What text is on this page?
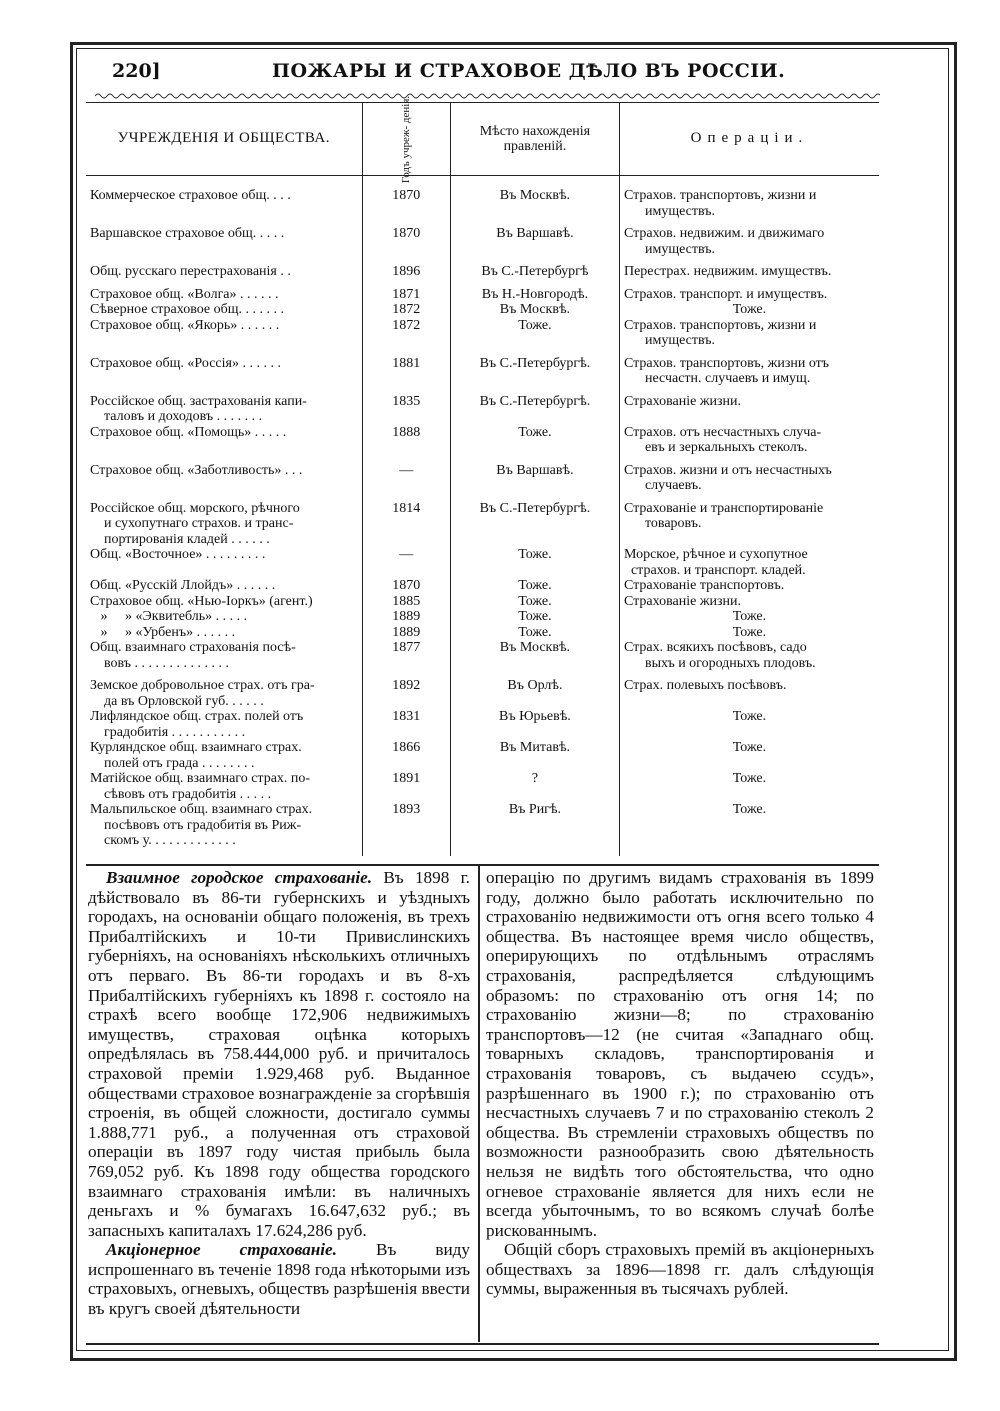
220]	ПОЖАРЫ И СТРАХОВОЕ ДѢЛО ВЪ РОССІИ.
УЧРЕЖДЕНІЯ И ОБЩЕСТВА.	Годъ учреж- денія.	Мѣсто нахожденія правленій.	Операціи.

Коммерческое страховое общ. . . .	1870	Въ Москвѣ.	Страхов. транспортовъ, жизни и
имуществъ.

Варшавское страховое общ. . . . .	1870	Въ Варшавѣ.	Страхов. недвижим. и движимаго
имуществъ.

Общ. русскаго перестрахованія . .	1896	Въ С.-Петербургѣ	Перестрах. недвижим. имуществъ.

Страховое общ. «Волга» . . . . . .	1871	Въ Н.-Новгородѣ.	Страхов. транспорт. и имуществъ.
Сѣверное страховое общ. . . . . . .	1872	Въ Москвѣ.	Тоже.
Страховое общ. «Якорь» . . . . . .	1872	Тоже.	Страхов. транспортовъ, жизни и
имуществъ.

Страховое общ. «Россія» . . . . . .	1881	Въ С.-Петербургѣ.	Страхов. транспортовъ, жизни отъ
несчастн. случаевъ и имущ.

Россійское общ. застрахованія капи-
таловъ и доходовъ . . . . . . .	1835	Въ С.-Петербургѣ.	Страхованіе жизни.
Страховое общ. «Помощь» . . . . .	1888	Тоже.	Страхов. отъ несчастныхъ случа-
евъ и зеркальныхъ стеколъ.

Страховое общ. «Заботливость» . . .	—	Въ Варшавѣ.	Страхов. жизни и отъ несчастныхъ
случаевъ.

Россійское общ. морского, рѣчного
и сухопутнаго страхов. и транс-
портированія кладей . . . . . .	1814	Въ С.-Петербургѣ.	Страхованіе и транспортированіе
товаровъ.
Общ. «Восточное» . . . . . . . . .	—	Тоже.	Морское, рѣчное и сухопутное
страхов. и транспорт. кладей.
Общ. «Русскій Ллойдъ» . . . . . .	1870	Тоже.	Страхованіе транспортовъ.
Страховое общ. «Нью-Іоркъ» (агент.)	1885	Тоже.	Страхованіе жизни.
»     » «Эквитебль» . . . . .	1889	Тоже.	Тоже.
»     » «Урбенъ» . . . . . .	1889	Тоже.	Тоже.
Общ. взаимнаго страхованія посѣ-
вовъ . . . . . . . . . . . . . .	1877	Въ Москвѣ.	Страх. всякихъ посѣвовъ, садо
выхъ и огородныхъ плодовъ.

Земское добровольное страх. отъ гра-
да въ Орловской губ. . . . . .	1892	Въ Орлѣ.	Страх. полевыхъ посѣвовъ.
Лифляндское общ. страх. полей отъ
градобитія . . . . . . . . . . .	1831	Въ Юрьевѣ.	Тоже.
Курляндское общ. взаимнаго страх.
полей отъ града . . . . . . . .	1866	Въ Митавѣ.	Тоже.
Матійское общ. взаимнаго страх. по-
сѣвовъ отъ градобитія . . . . .	1891	?	Тоже.
Мальпильское общ. взаимнаго страх.
посѣвовъ отъ градобитія въ Риж-
скомъ у. . . . . . . . . . . . .	1893	Въ Ригѣ.	Тоже.

Взаимное городское страхованіе. Въ 1898 г. дѣйствовало въ 86-ти губернскихъ и уѣздныхъ городахъ, на основаніи общаго положенія, въ трехъ Прибалтійскихъ и 10-ти Привислинскихъ губерніяхъ, на основаніяхъ нѣсколькихъ отличныхъ отъ перваго. Въ 86-ти городахъ и въ 8-хъ Прибалтійскихъ губерніяхъ къ 1898 г. состояло на страхѣ всего вообще 172,906 недвижимыхъ имуществъ, страховая оцѣнка которыхъ опредѣлялась въ 758.444,000 руб. и причиталось страховой преміи 1.929,468 руб. Выданное обществами страховое вознагражденіе за сгорѣвшія строенія, въ общей сложности, достигало суммы 1.888,771 руб., а полученная отъ страховой операціи въ 1897 году чистая прибыль была 769,052 руб. Къ 1898 году общества городского взаимнаго страхованія имѣли: въ наличныхъ деньгахъ и % бумагахъ 16.647,632 руб.; въ запасныхъ капиталахъ 17.624,286 руб.

Акціонерное страхованіе. Въ виду испрошеннаго въ теченіе 1898 года нѣкоторыми изъ страховыхъ, огневыхъ, обществъ разрѣшенія ввести въ кругъ своей дѣятельности

операцію по другимъ видамъ страхованія въ 1899 году, должно было работать исключительно по страхованію недвижимости отъ огня всего только 4 общества. Въ настоящее время число обществъ, оперирующихъ по отдѣльнымъ отраслямъ страхованія, распредѣляется слѣдующимъ образомъ: по страхованію отъ огня 14; по страхованію жизни—8; по страхованію транспортовъ—12 (не считая «Западнаго общ. товарныхъ складовъ, транспортированія и страхованія товаровъ, съ выдачею ссудъ», разрѣшеннаго въ 1900 г.); по страхованію отъ несчастныхъ случаевъ 7 и по страхованію стеколъ 2 общества. Въ стремленіи страховыхъ обществъ по возможности разнообразить свою дѣятельность нельзя не видѣть того обстоятельства, что одно огневое страхованіе является для нихъ если не всегда убыточнымъ, то во всякомъ случаѣ болѣе рискованнымъ.

Общій сборъ страховыхъ премій въ акціонерныхъ обществахъ за 1896—1898 гг. далъ слѣдующія суммы, выраженныя въ тысячахъ рублей.
